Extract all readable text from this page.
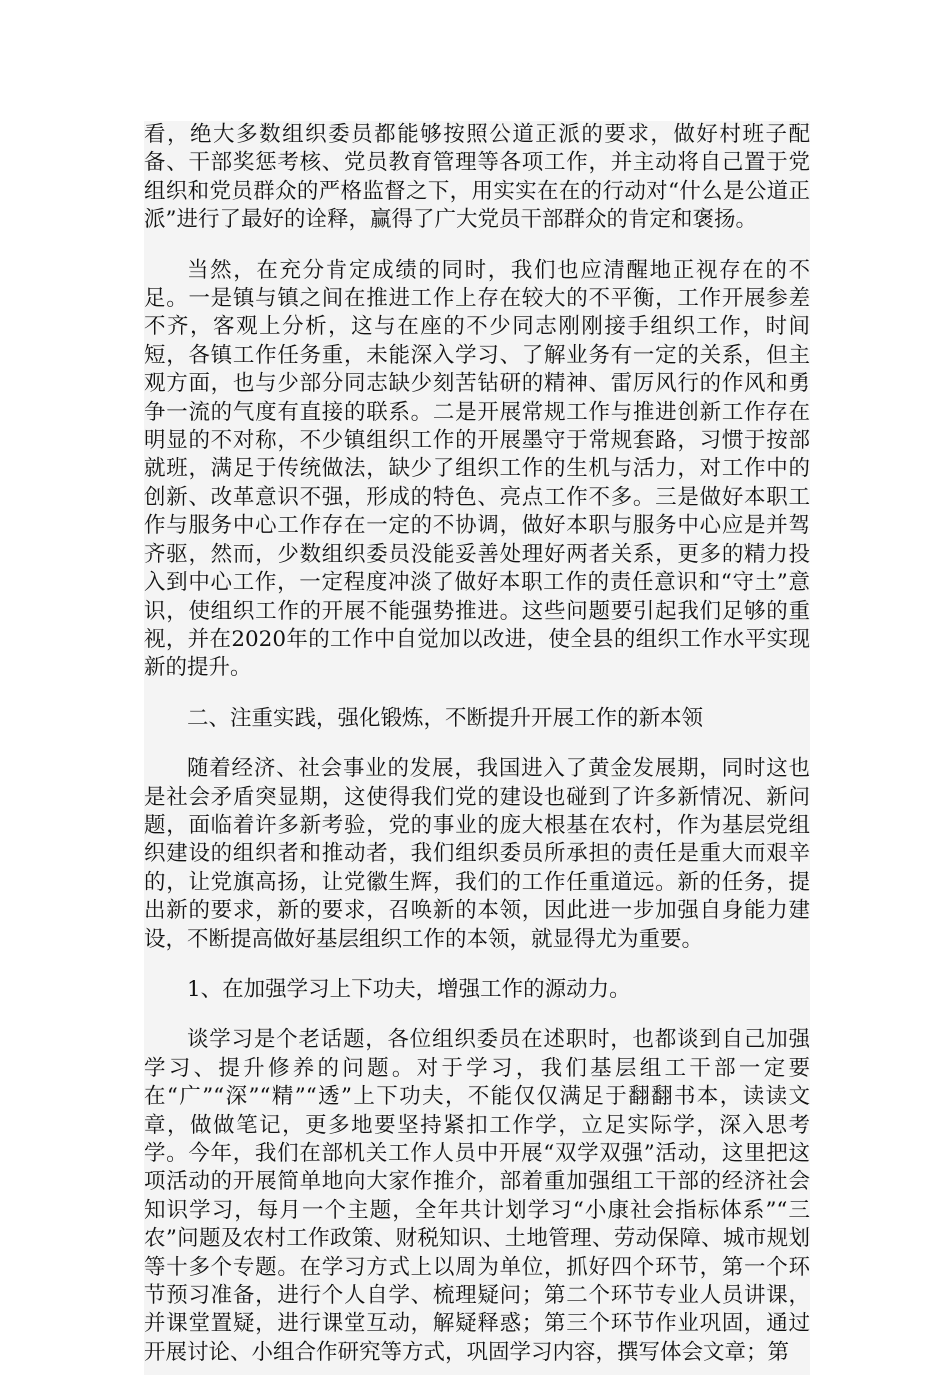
看，绝大多数组织委员都能够按照公道正派的要求，做好村班子配备、干部奖惩考核、党员教育管理等各项工作，并主动将自己置于党组织和党员群众的严格监督之下，用实实在在的行动对“什么是公道正派”进行了最好的诠释，赢得了广大党员干部群众的肯定和褒扬。

当然，在充分肯定成绩的同时，我们也应清醒地正视存在的不足。一是镇与镇之间在推进工作上存在较大的不平衡，工作开展参差不齐，客观上分析，这与在座的不少同志刚刚接手组织工作，时间短，各镇工作任务重，未能深入学习、了解业务有一定的关系，但主观方面，也与少部分同志缺少刻苦钻研的精神、雷厉风行的作风和勇争一流的气度有直接的联系。二是开展常规工作与推进创新工作存在明显的不对称，不少镇组织工作的开展墨守于常规套路，习惯于按部就班，满足于传统做法，缺少了组织工作的生机与活力，对工作中的创新、改革意识不强，形成的特色、亮点工作不多。三是做好本职工作与服务中心工作存在一定的不协调，做好本职与服务中心应是并驾齐驱，然而，少数组织委员没能妥善处理好两者关系，更多的精力投入到中心工作，一定程度冲淡了做好本职工作的责任意识和“守土”意识，使组织工作的开展不能强势推进。这些问题要引起我们足够的重视，并在2020年的工作中自觉加以改进，使全县的组织工作水平实现新的提升。

二、注重实践，强化锻炼，不断提升开展工作的新本领

随着经济、社会事业的发展，我国进入了黄金发展期，同时这也是社会矛盾突显期，这使得我们党的建设也碰到了许多新情况、新问题，面临着许多新考验，党的事业的庞大根基在农村，作为基层党组织建设的组织者和推动者，我们组织委员所承担的责任是重大而艰辛的，让党旗高扬，让党徽生辉，我们的工作任重道远。新的任务，提出新的要求，新的要求，召唤新的本领，因此进一步加强自身能力建设，不断提高做好基层组织工作的本领，就显得尤为重要。

1、在加强学习上下功夫，增强工作的源动力。

谈学习是个老话题，各位组织委员在述职时，也都谈到自己加强学习、提升修养的问题。对于学习，我们基层组工干部一定要在“广”“深”“精”“透”上下功夫，不能仅仅满足于翻翻书本，读读文章，做做笔记，更多地要坚持紧扣工作学，立足实际学，深入思考学。今年，我们在部机关工作人员中开展“双学双强”活动，这里把这项活动的开展简单地向大家作推介，部着重加强组工干部的经济社会知识学习，每月一个主题，全年共计划学习“小康社会指标体系”“三农”问题及农村工作政策、财税知识、土地管理、劳动保障、城市规划等十多个专题。在学习方式上以周为单位，抓好四个环节，第一个环节预习准备，进行个人自学、梳理疑问；第二个环节专业人员讲课，并课堂置疑，进行课堂互动，解疑释惑；第三个环节作业巩固，通过开展讨论、小组合作研究等方式，巩固学习内容，撰写体会文章；第
